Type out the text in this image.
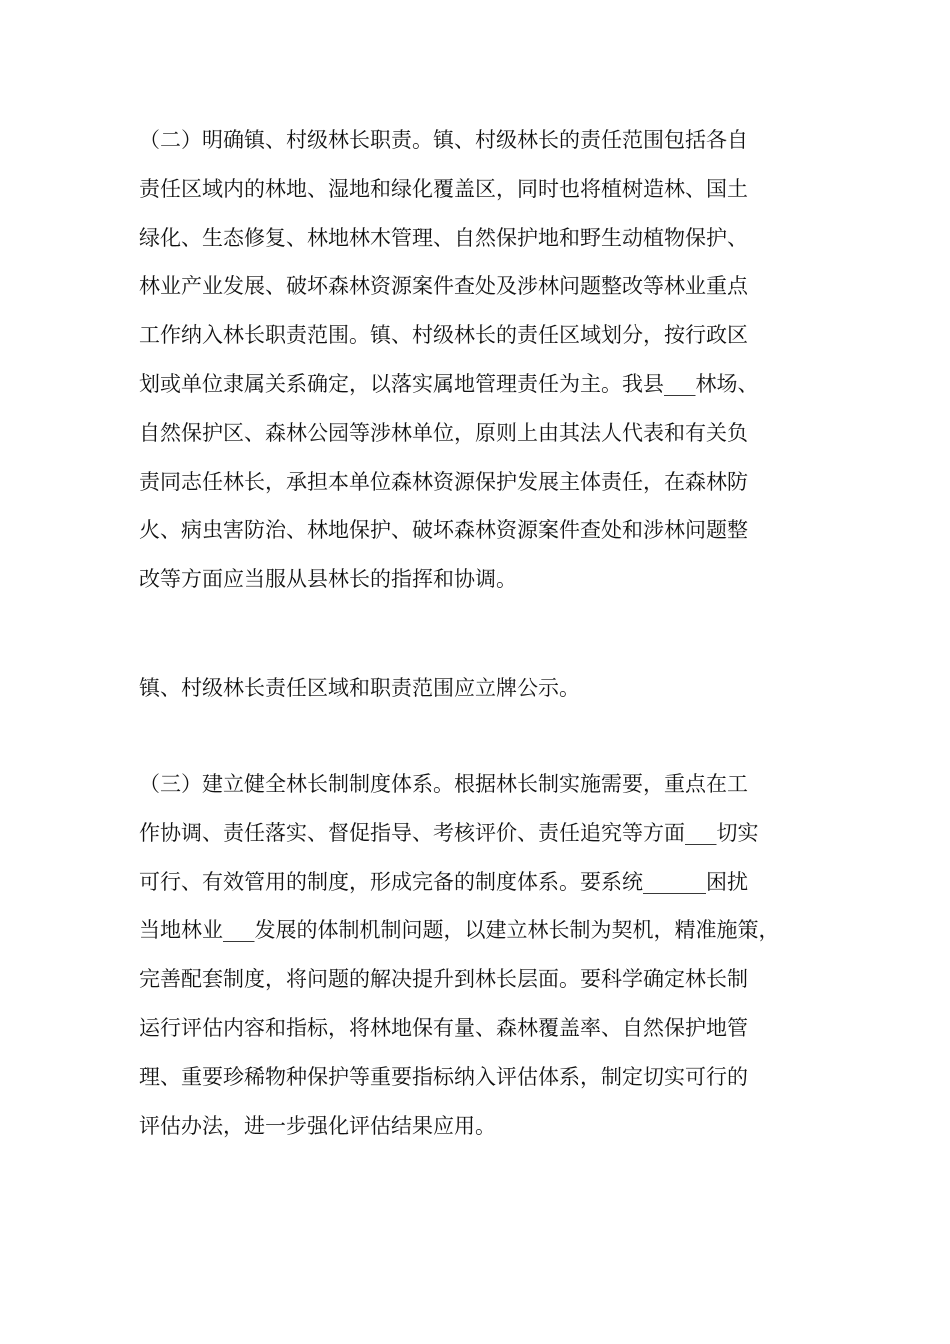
（二）明确镇、村级林长职责。镇、村级林长的责任范围包括各自
责任区域内的林地、湿地和绿化覆盖区，同时也将植树造林、国土
绿化、生态修复、林地林木管理、自然保护地和野生动植物保护、
林业产业发展、破坏森林资源案件查处及涉林问题整改等林业重点
工作纳入林长职责范围。镇、村级林长的责任区域划分，按行政区
划或单位隶属关系确定，以落实属地管理责任为主。我县___林场、
自然保护区、森林公园等涉林单位，原则上由其法人代表和有关负
责同志任林长，承担本单位森林资源保护发展主体责任，在森林防
火、病虫害防治、林地保护、破坏森林资源案件查处和涉林问题整
改等方面应当服从县林长的指挥和协调。

镇、村级林长责任区域和职责范围应立牌公示。

（三）建立健全林长制制度体系。根据林长制实施需要，重点在工
作协调、责任落实、督促指导、考核评价、责任追究等方面___切实
可行、有效管用的制度，形成完备的制度体系。要系统______困扰
当地林业___发展的体制机制问题，以建立林长制为契机，精准施策，
完善配套制度，将问题的解决提升到林长层面。要科学确定林长制
运行评估内容和指标，将林地保有量、森林覆盖率、自然保护地管
理、重要珍稀物种保护等重要指标纳入评估体系，制定切实可行的
评估办法，进一步强化评估结果应用。
